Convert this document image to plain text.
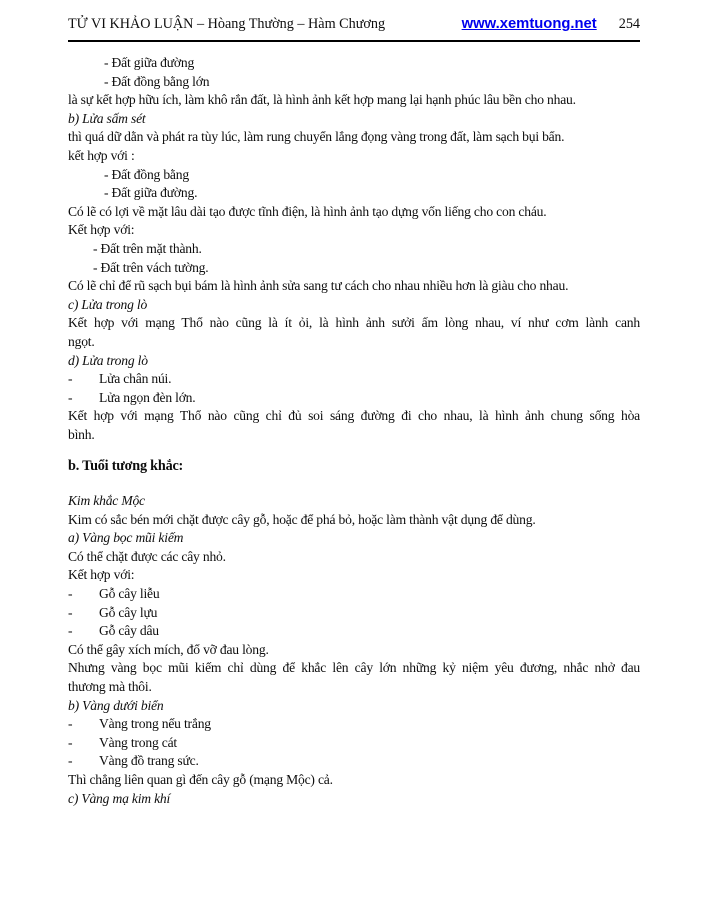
TỬ VI KHẢO LUẬN – Hòang Thường – Hàm Chương	www.xemtuong.net 254
- Đất giữa đường
- Đất đồng bằng lớn
là sự kết hợp hữu ích, làm khô rắn đất, là hình ảnh kết hợp mang lại hạnh phúc lâu bền cho nhau.
b) Lửa sấm sét
thì quá dữ dằn và phát ra tùy lúc, làm rung chuyển lắng đọng vàng trong đất, làm sạch bụi bẩn.
kết hợp với :
- Đất đồng bằng
- Đất giữa đường.
Có lẽ có lợi về mặt lâu dài tạo được tĩnh điện, là hình ảnh tạo dựng vốn liếng cho con cháu.
Kết hợp với:
- Đất trên mặt thành.
- Đất trên vách tường.
Có lẽ chỉ để rũ sạch bụi bám là hình ảnh sửa sang tư cách cho nhau nhiều hơn là giàu cho nhau.
c) Lửa trong lò
Kết hợp với mạng Thổ nào cũng là ít ỏi, là hình ảnh sưởi ấm lòng nhau, ví như cơm lành canh
ngọt.
d) Lửa trong lò
-	Lửa chân núi.
-	Lửa ngọn đèn lớn.
Kết hợp với mạng Thổ nào cũng chỉ đủ soi sáng đường đi cho nhau, là hình ảnh chung sống hòa
bình.
b. Tuổi tương khắc:
Kim khắc Mộc
Kim có sắc bén mới chặt được cây gỗ, hoặc để phá bỏ, hoặc làm thành vật dụng để dùng.
a) Vàng bọc mũi kiếm
Có thể chặt được các cây nhỏ.
Kết hợp với:
-	Gỗ cây liễu
-	Gỗ cây lựu
-	Gỗ cây dâu
Có thể gây xích mích, đổ vỡ đau lòng.
Nhưng vàng bọc mũi kiếm chỉ dùng để khắc lên cây lớn những kỷ niệm yêu đương, nhắc nhở đau
thương mà thôi.
b) Vàng dưới biển
-	Vàng trong nếu trắng
-	Vàng trong cát
-	Vàng đồ trang sức.
Thì chẳng liên quan gì đến cây gỗ (mạng Mộc) cả.
c) Vàng mạ kim khí
